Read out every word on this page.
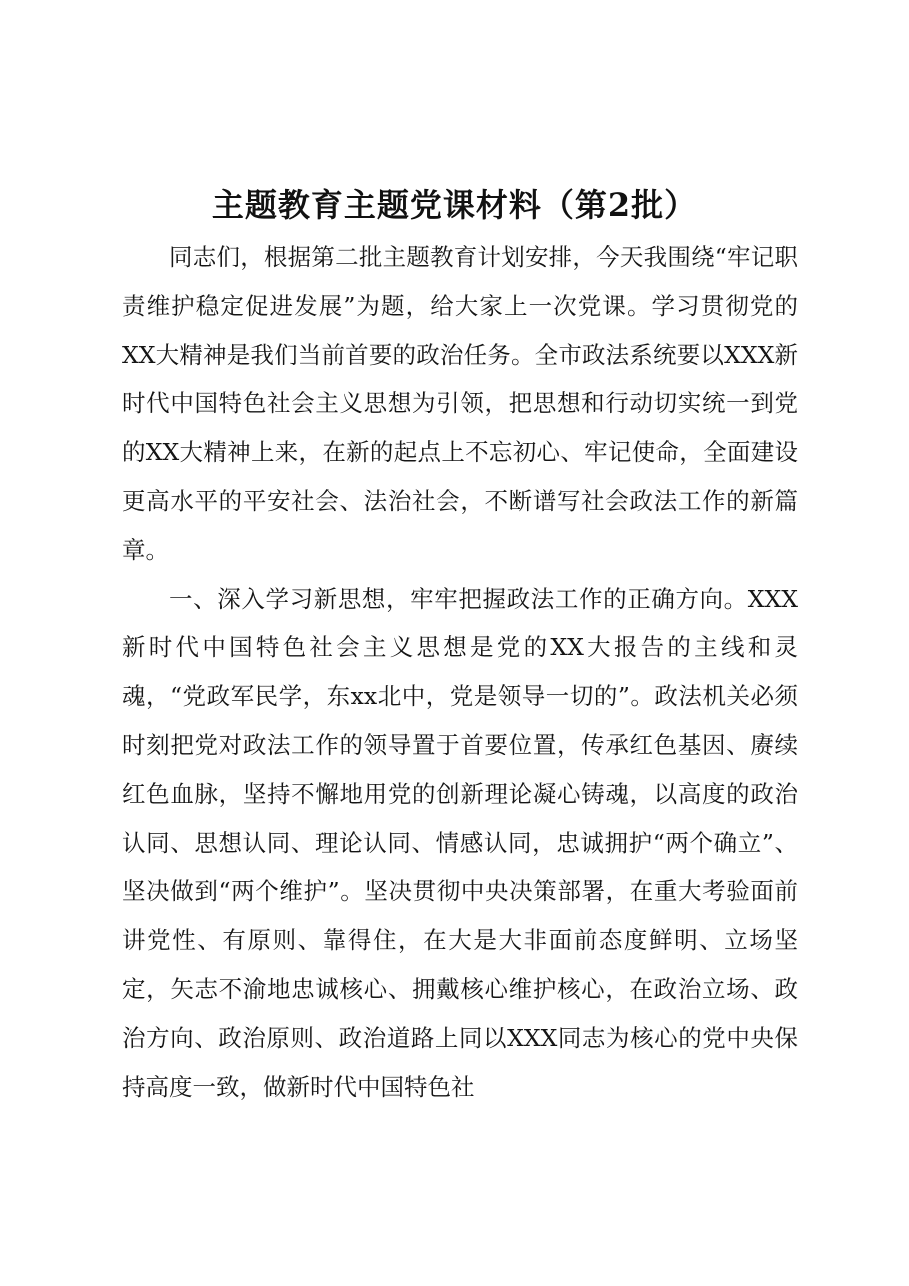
主题教育主题党课材料（第2批）

同志们，根据第二批主题教育计划安排，今天我围绕“牢记职责维护稳定促进发展”为题，给大家上一次党课。学习贯彻党的XX大精神是我们当前首要的政治任务。全市政法系统要以XXX新时代中国特色社会主义思想为引领，把思想和行动切实统一到党的XX大精神上来，在新的起点上不忘初心、牢记使命，全面建设更高水平的平安社会、法治社会，不断谱写社会政法工作的新篇章。

一、深入学习新思想，牢牢把握政法工作的正确方向。XXX新时代中国特色社会主义思想是党的XX大报告的主线和灵魂，“党政军民学，东xx北中，党是领导一切的”。政法机关必须时刻把党对政法工作的领导置于首要位置，传承红色基因、赓续红色血脉，坚持不懈地用党的创新理论凝心铸魂，以高度的政治认同、思想认同、理论认同、情感认同，忠诚拥护“两个确立”、坚决做到“两个维护”。坚决贯彻中央决策部署，在重大考验面前讲党性、有原则、靠得住，在大是大非面前态度鲜明、立场坚定，矢志不渝地忠诚核心、拥戴核心维护核心，在政治立场、政治方向、政治原则、政治道路上同以XXX同志为核心的党中央保持高度一致，做新时代中国特色社
